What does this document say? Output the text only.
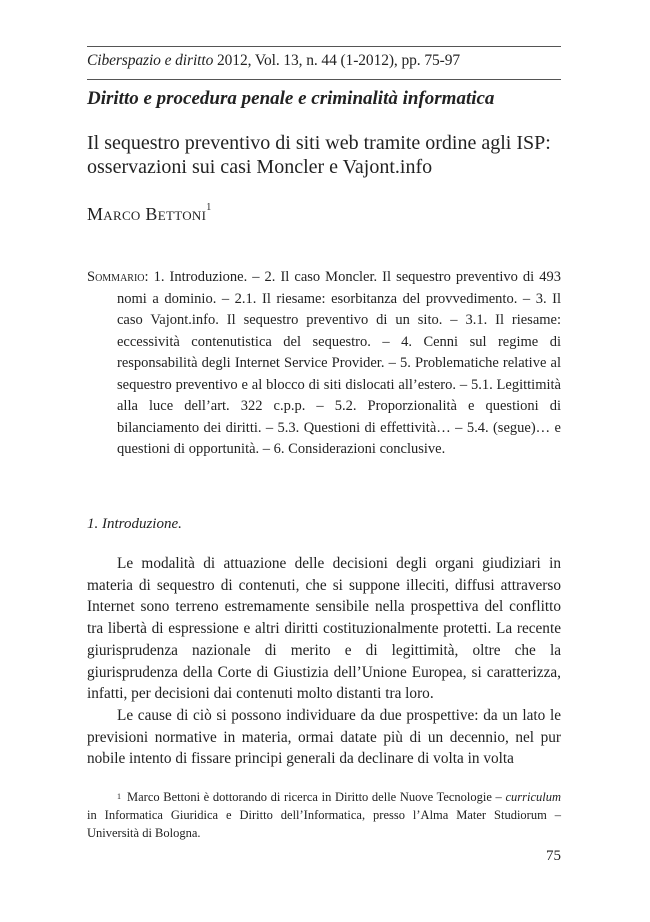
Ciberspazio e diritto 2012, Vol. 13, n. 44 (1-2012), pp. 75-97
Diritto e procedura penale e criminalità informatica
Il sequestro preventivo di siti web tramite ordine agli ISP: osservazioni sui casi Moncler e Vajont.info
Marco Bettoni$^1$
Sommario: 1. Introduzione. – 2. Il caso Moncler. Il sequestro preventivo di 493 nomi a dominio. – 2.1. Il riesame: esorbitanza del provvedimento. – 3. Il caso Vajont.info. Il sequestro preventivo di un sito. – 3.1. Il riesame: eccessività contenutistica del sequestro. – 4. Cenni sul regime di responsabilità degli Internet Service Provider. – 5. Problematiche relative al sequestro preventivo e al blocco di siti dislocati all’estero. – 5.1. Legittimità alla luce dell’art. 322 c.p.p. – 5.2. Proporzionalità e questioni di bilanciamento dei diritti. – 5.3. Questioni di effettività… – 5.4. (segue)… e questioni di opportunità. – 6. Considerazioni conclusive.
1. Introduzione.

Le modalità di attuazione delle decisioni degli organi giudiziari in materia di sequestro di contenuti, che si suppone illeciti, diffusi attraverso Internet sono terreno estremamente sensibile nella prospettiva del conflitto tra libertà di espressione e altri diritti costituzionalmente protetti. La recente giurisprudenza nazionale di merito e di legittimità, oltre che la giurisprudenza della Corte di Giustizia dell’Unione Europea, si caratterizza, infatti, per decisioni dai contenuti molto distanti tra loro.

Le cause di ciò si possono individuare da due prospettive: da un lato le previsioni normative in materia, ormai datate più di un decennio, nel pur nobile intento di fissare principi generali da declinare di volta in volta

$^1$ Marco Bettoni è dottorando di ricerca in Diritto delle Nuove Tecnologie – curriculum in Informatica Giuridica e Diritto dell’Informatica, presso l’Alma Mater Studiorum – Università di Bologna.
75
